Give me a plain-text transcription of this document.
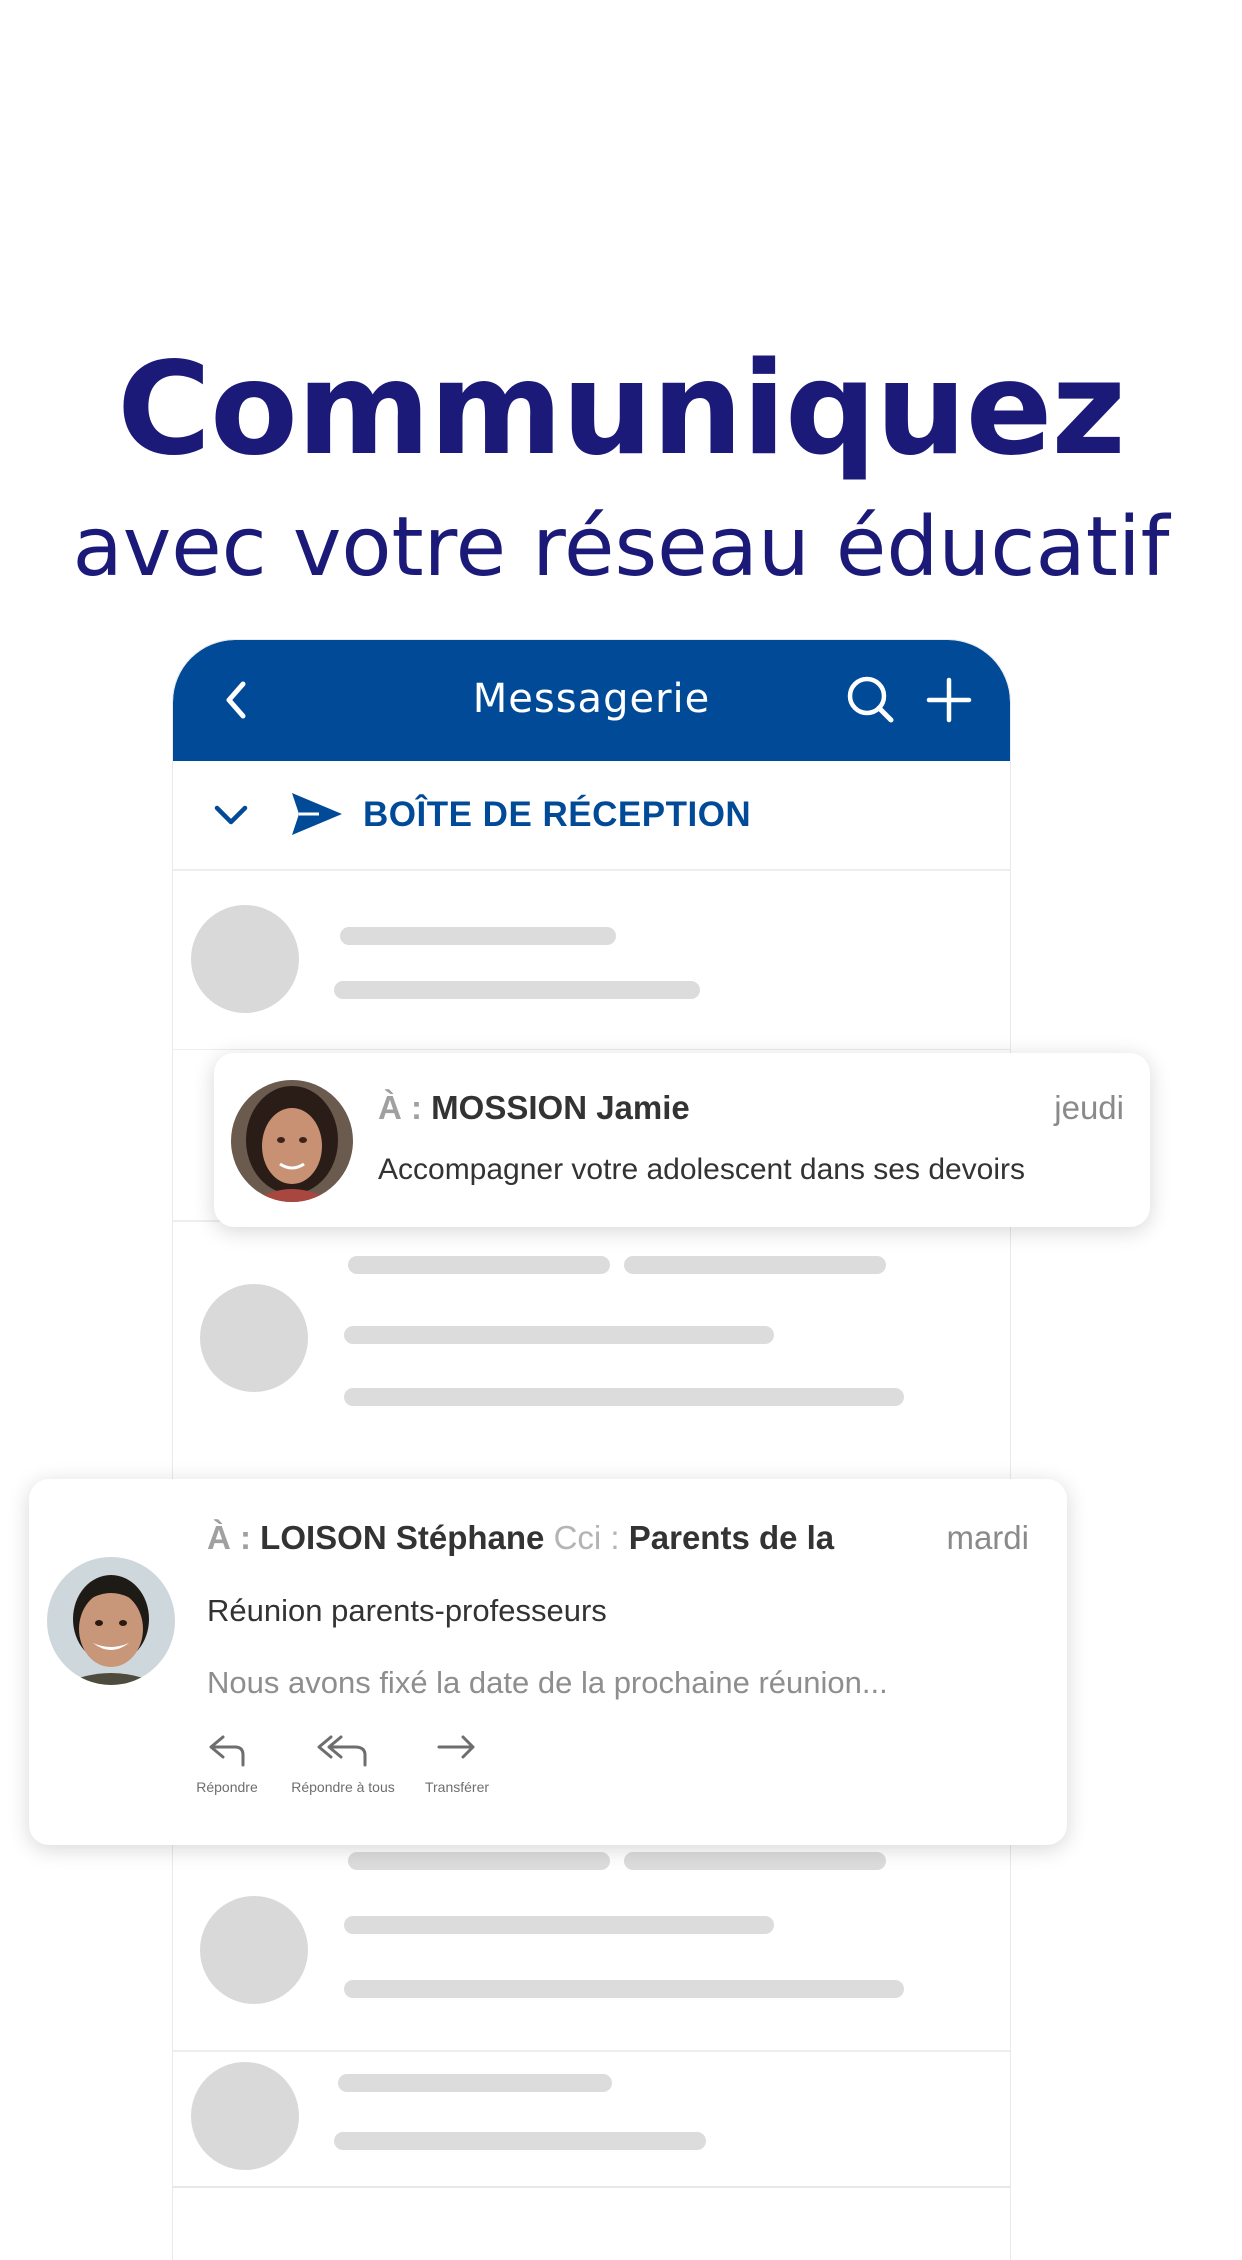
Communiquez
avec votre réseau éducatif
Messagerie
BOÎTE DE RÉCEPTION
À : MOSSION Jamie	jeudi
Accompagner votre adolescent dans ses devoirs
À : LOISON Stéphane Cci : Parents de la	mardi
Réunion parents-professeurs
Nous avons fixé la date de la prochaine réunion...
Répondre	Répondre à tous	Transférer
